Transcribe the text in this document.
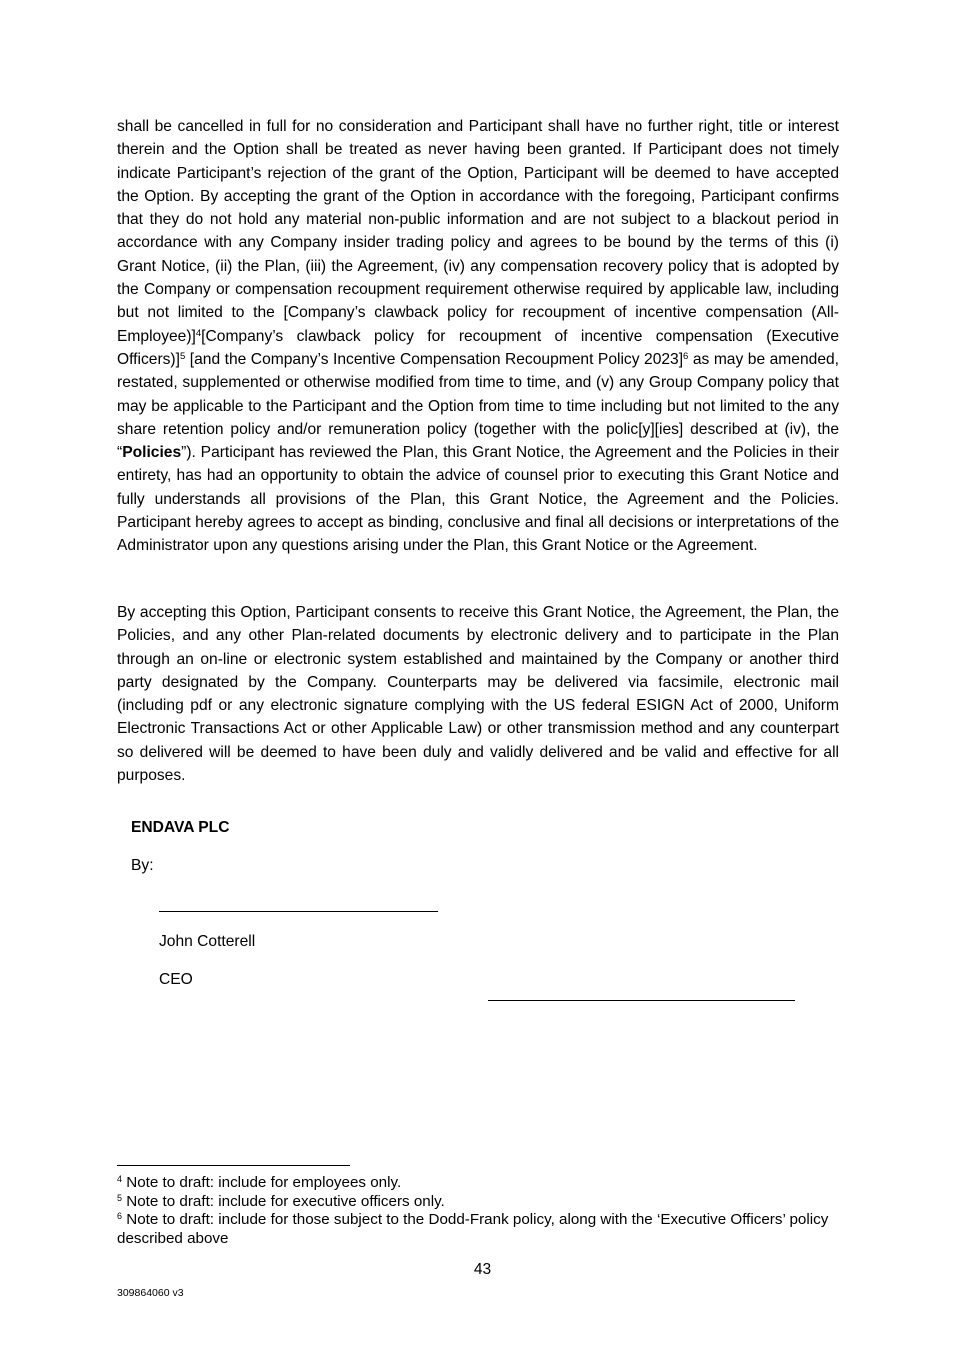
shall be cancelled in full for no consideration and Participant shall have no further right, title or interest therein and the Option shall be treated as never having been granted. If Participant does not timely indicate Participant’s rejection of the grant of the Option, Participant will be deemed to have accepted the Option. By accepting the grant of the Option in accordance with the foregoing, Participant confirms that they do not hold any material non-public information and are not subject to a blackout period in accordance with any Company insider trading policy and agrees to be bound by the terms of this (i) Grant Notice, (ii) the Plan, (iii) the Agreement, (iv) any compensation recovery policy that is adopted by the Company or compensation recoupment requirement otherwise required by applicable law, including but not limited to the [Company’s clawback policy for recoupment of incentive compensation (All-Employee)]$^4$[Company’s clawback policy for recoupment of incentive compensation (Executive Officers)]$^5$ [and the Company’s Incentive Compensation Recoupment Policy 2023]$^6$ as may be amended, restated, supplemented or otherwise modified from time to time, and (v) any Group Company policy that may be applicable to the Participant and the Option from time to time including but not limited to the any share retention policy and/or remuneration policy (together with the polic[y][ies] described at (iv), the “Policies”). Participant has reviewed the Plan, this Grant Notice, the Agreement and the Policies in their entirety, has had an opportunity to obtain the advice of counsel prior to executing this Grant Notice and fully understands all provisions of the Plan, this Grant Notice, the Agreement and the Policies. Participant hereby agrees to accept as binding, conclusive and final all decisions or interpretations of the Administrator upon any questions arising under the Plan, this Grant Notice or the Agreement.

By accepting this Option, Participant consents to receive this Grant Notice, the Agreement, the Plan, the Policies, and any other Plan-related documents by electronic delivery and to participate in the Plan through an on-line or electronic system established and maintained by the Company or another third party designated by the Company. Counterparts may be delivered via facsimile, electronic mail (including pdf or any electronic signature complying with the US federal ESIGN Act of 2000, Uniform Electronic Transactions Act or other Applicable Law) or other transmission method and any counterpart so delivered will be deemed to have been duly and validly delivered and be valid and effective for all purposes.

ENDAVA PLC
By:
John Cotterell
CEO

$^4$ Note to draft: include for employees only.

$^5$ Note to draft: include for executive officers only.

$^6$ Note to draft: include for those subject to the Dodd-Frank policy, along with the ‘Executive Officers’ policy described above

43
309864060 v3
